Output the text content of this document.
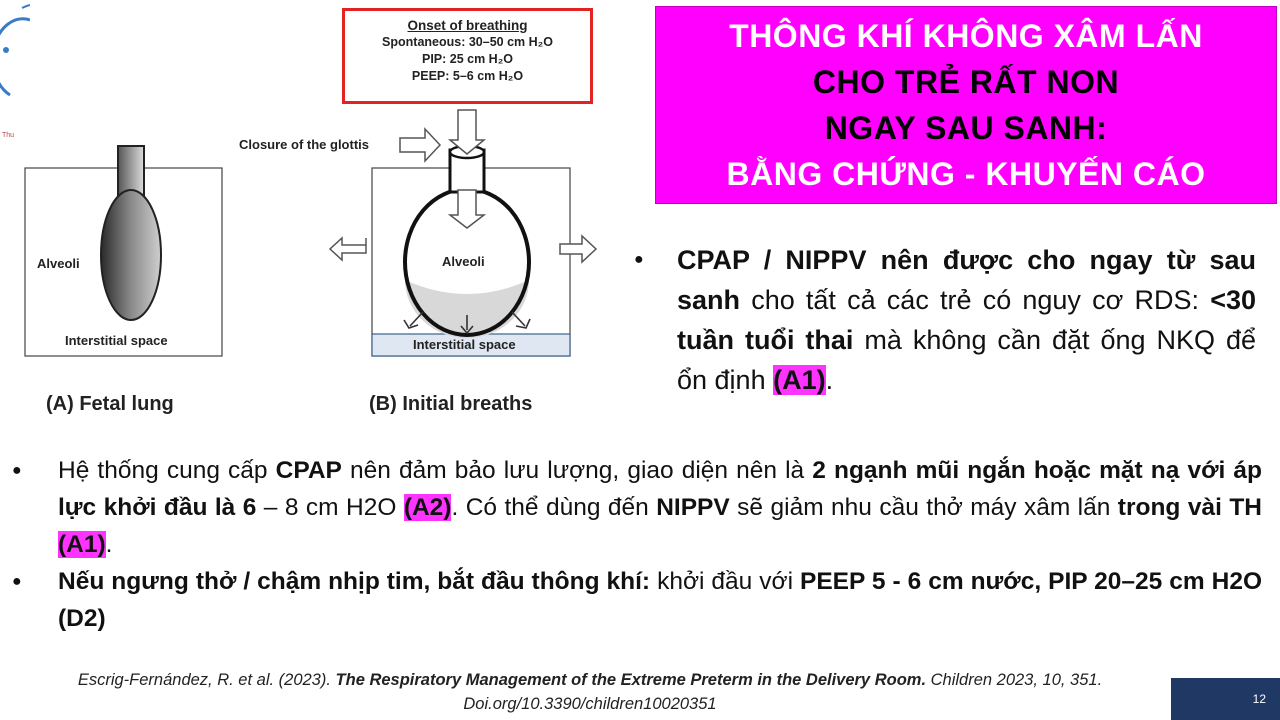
Thu
Onset of breathing
Spontaneous: 30–50 cm H₂O
PIP: 25 cm H₂O
PEEP: 5–6 cm H₂O
Closure of the glottis
Alveoli	Alveoli
Interstitial space	Interstitial space
(A) Fetal lung	(B) Initial breaths
THÔNG KHÍ KHÔNG XÂM LẤN
CHO TRẺ RẤT NON
NGAY SAU SANH:
BẰNG CHỨNG - KHUYẾN CÁO
●	CPAP / NIPPV nên được cho ngay từ sau sanh cho tất cả các trẻ có nguy cơ RDS: <30 tuần tuổi thai mà không cần đặt ống NKQ để ổn định (A1).
●	Hệ thống cung cấp CPAP nên đảm bảo lưu lượng, giao diện nên là 2 ngạnh mũi ngắn hoặc mặt nạ với áp lực khởi đầu là 6 – 8 cm H2O (A2). Có thể dùng đến NIPPV sẽ giảm nhu cầu thở máy xâm lấn trong vài TH (A1).
●	Nếu ngưng thở / chậm nhịp tim, bắt đầu thông khí: khởi đầu với PEEP 5 - 6 cm nước, PIP 20–25 cm H2O (D2)
Escrig-Fernández, R. et al. (2023). The Respiratory Management of the Extreme Preterm in the Delivery Room. Children 2023, 10, 351.
Doi.org/10.3390/children10020351	12
